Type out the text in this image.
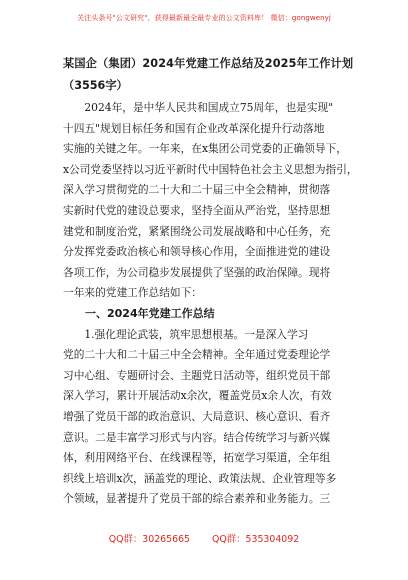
关注头条号"公文研究"，获得最新最全最专业的公文资料库！ 微信：gongwenyj
某国企（集团）2024年党建工作总结及2025年工作计划
（3556字）
　　2024年，是中华人民共和国成立75周年，也是实现"
十四五"规划目标任务和国有企业改革深化提升行动落地
实施的关键之年。一年来，在x集团公司党委的正确领导下，
x公司党委坚持以习近平新时代中国特色社会主义思想为指引，
深入学习贯彻党的二十大和二十届三中全会精神，贯彻落
实新时代党的建设总要求，坚持全面从严治党，坚持思想
建党和制度治党，紧紧围绕公司发展战略和中心任务，充
分发挥党委政治核心和领导核心作用，全面推进党的建设
各项工作，为公司稳步发展提供了坚强的政治保障。现将
一年来的党建工作总结如下：
　　一、2024年党建工作总结
　　1.强化理论武装，筑牢思想根基。一是深入学习
党的二十大和二十届三中全会精神。全年通过党委理论学
习中心组、专题研讨会、主题党日活动等，组织党员干部
深入学习，累计开展活动x余次，覆盖党员x余人次，有效
增强了党员干部的政治意识、大局意识、核心意识、看齐
意识。二是丰富学习形式与内容。结合传统学习与新兴媒
体，利用网络平台、在线课程等，拓宽学习渠道，全年组
织线上培训x次，涵盖党的理论、政策法规、企业管理等多
个领域，显著提升了党员干部的综合素养和业务能力。三
QQ群：30265665 QQ群：535304092
